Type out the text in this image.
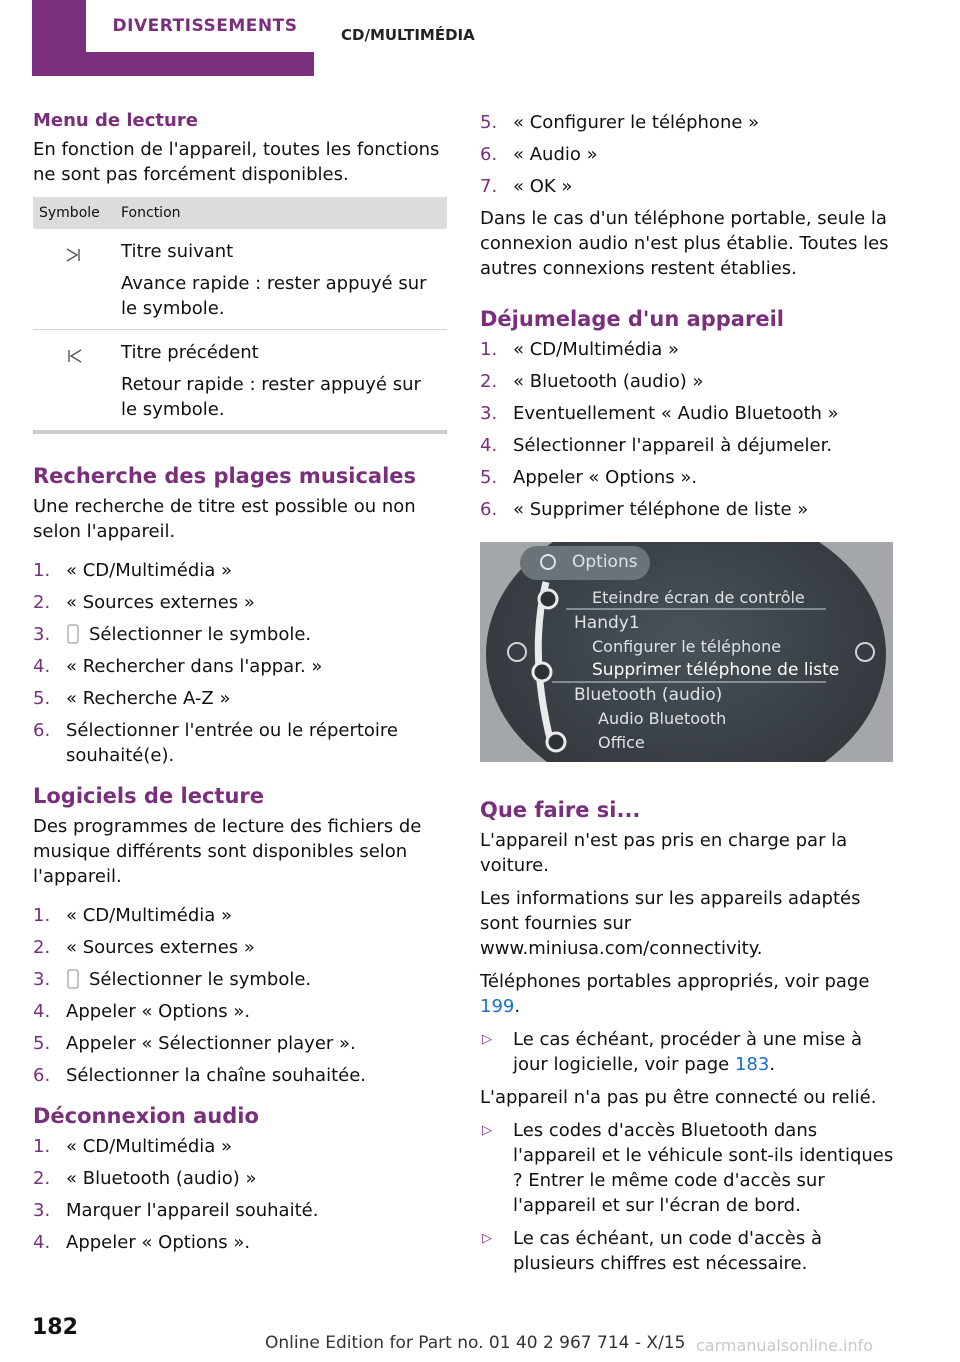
DIVERTISSEMENTS	CD/MULTIMÉDIA
Menu de lecture

En fonction de l'appareil, toutes les fonctions ne sont pas forcément disponibles.

Symbole	Fonction

Titre suivant
Avance rapide : rester appuyé sur le symbole.

Titre précédent
Retour rapide : rester appuyé sur le symbole.
Recherche des plages musicales

Une recherche de titre est possible ou non selon l'appareil.

1. « CD/Multimédia »
2. « Sources externes »
3. Sélectionner le symbole.
4. « Rechercher dans l'appar. »
5. « Recherche A-Z »
6. Sélectionner l'entrée ou le répertoire souhaité(e).
Logiciels de lecture

Des programmes de lecture des fichiers de musique différents sont disponibles selon l'appareil.

1. « CD/Multimédia »
2. « Sources externes »
3. Sélectionner le symbole.
4. Appeler « Options ».
5. Appeler « Sélectionner player ».
6. Sélectionner la chaîne souhaitée.
Déconnexion audio
1. « CD/Multimédia »
2. « Bluetooth (audio) »
3. Marquer l'appareil souhaité.
4. Appeler « Options ».
5. « Configurer le téléphone »
6. « Audio »
7. « OK »

Dans le cas d'un téléphone portable, seule la connexion audio n'est plus établie. Toutes les autres connexions restent établies.

Déjumelage d'un appareil
1. « CD/Multimédia »
2. « Bluetooth (audio) »
3. Eventuellement « Audio Bluetooth »
4. Sélectionner l'appareil à déjumeler.
5. Appeler « Options ».
6. « Supprimer téléphone de liste »
Options
Eteindre écran de contrôle
Handy1
Configurer le téléphone
Supprimer téléphone de liste
Bluetooth (audio)
Audio Bluetooth
Office
Que faire si...

L'appareil n'est pas pris en charge par la voiture.

Les informations sur les appareils adaptés sont fournies sur www.miniusa.com/connectivity.

Téléphones portables appropriés, voir page 199.

▷ Le cas échéant, procéder à une mise à jour logicielle, voir page 183.

L'appareil n'a pas pu être connecté ou relié.

▷ Les codes d'accès Bluetooth dans l'appareil et le véhicule sont-ils identiques ? Entrer le même code d'accès sur l'appareil et sur l'écran de bord.
▷ Le cas échéant, un code d'accès à plusieurs chiffres est nécessaire.
182
Online Edition for Part no. 01 40 2 967 714 - X/15 carmanualsonline.info
